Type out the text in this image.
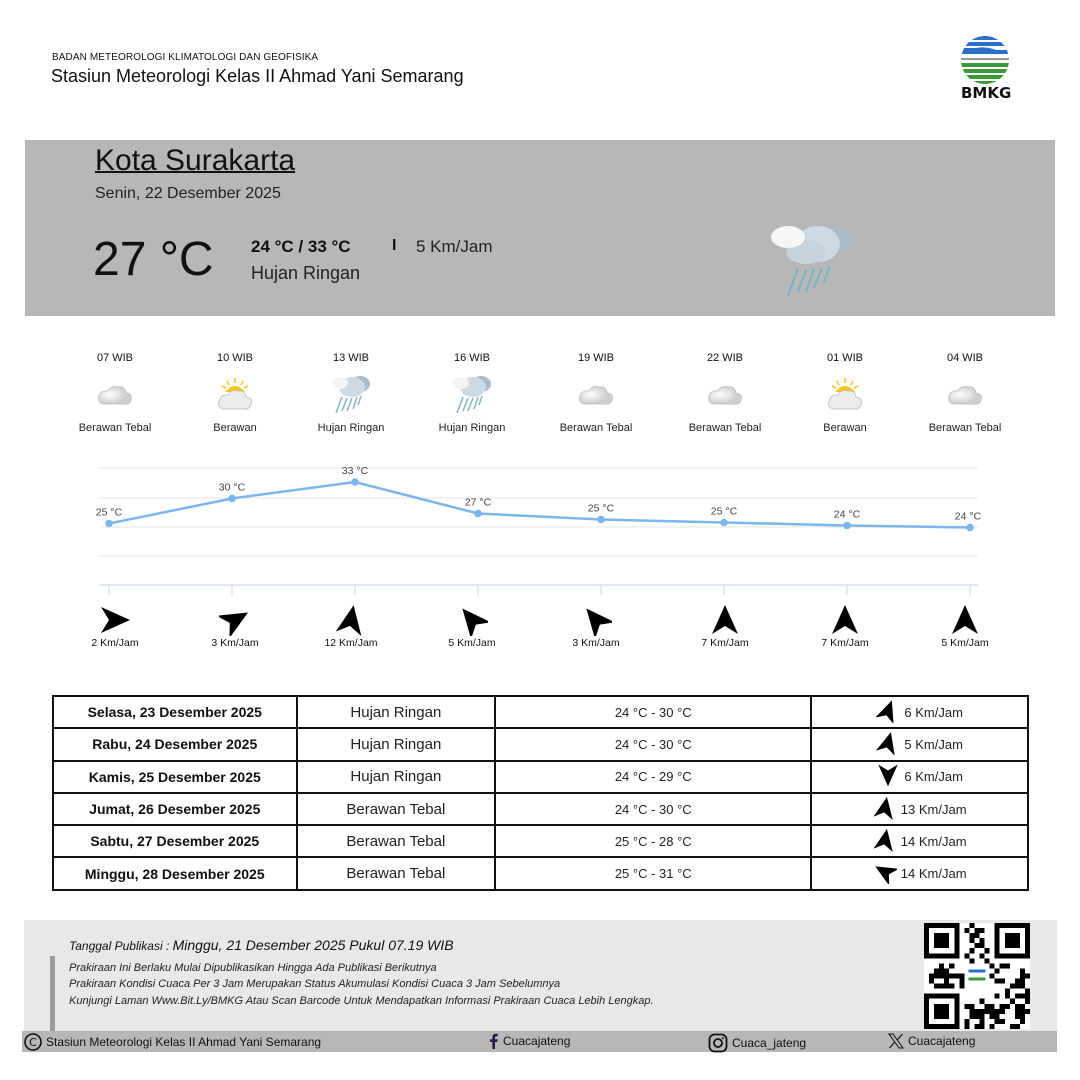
BADAN METEOROLOGI KLIMATOLOGI DAN GEOFISIKA
Stasiun Meteorologi Kelas II Ahmad Yani Semarang
BMKG
Kota Surakarta
Senin, 22 Desember 2025
27 °C 24 °C / 33 °C	I 5 Km/Jam
Hujan Ringan
07 WIB
Berawan Tebal
10 WIB
Berawan
13 WIB
Hujan Ringan
16 WIB
Hujan Ringan
19 WIB
Berawan Tebal
22 WIB
Berawan Tebal
01 WIB
Berawan
04 WIB
Berawan Tebal
25 °C
30 °C
33 °C
27 °C	25 °C	25 °C	24 °C	24 °C
2 Km/Jam	3 Km/Jam	12 Km/Jam	5 Km/Jam	3 Km/Jam	7 Km/Jam	7 Km/Jam	5 Km/Jam
Selasa, 23 Desember 2025	Hujan Ringan	24 °C - 30 °C	6 Km/Jam

Rabu, 24 Desember 2025	Hujan Ringan	24 °C - 30 °C	5 Km/Jam

Kamis, 25 Desember 2025	Hujan Ringan	24 °C - 29 °C	6 Km/Jam

Jumat, 26 Desember 2025	Berawan Tebal	24 °C - 30 °C	13 Km/Jam

Sabtu, 27 Desember 2025	Berawan Tebal	25 °C - 28 °C	14 Km/Jam

Minggu, 28 Desember 2025	Berawan Tebal	25 °C - 31 °C	14 Km/Jam
Tanggal Publikasi : Minggu, 21 Desember 2025 Pukul 07.19 WIB
Prakiraan Ini Berlaku Mulai Dipublikasikan Hingga Ada Publikasi Berikutnya
Prakiraan Kondisi Cuaca Per 3 Jam Merupakan Status Akumulasi Kondisi Cuaca 3 Jam Sebelumnya
Kunjungi Laman Www.Bit.Ly/BMKG Atau Scan Barcode Untuk Mendapatkan Informasi Prakiraan Cuaca Lebih Lengkap.
C Stasiun Meteorologi Kelas II Ahmad Yani Semarang	Cuacajateng	Cuaca_jateng	Cuacajateng
